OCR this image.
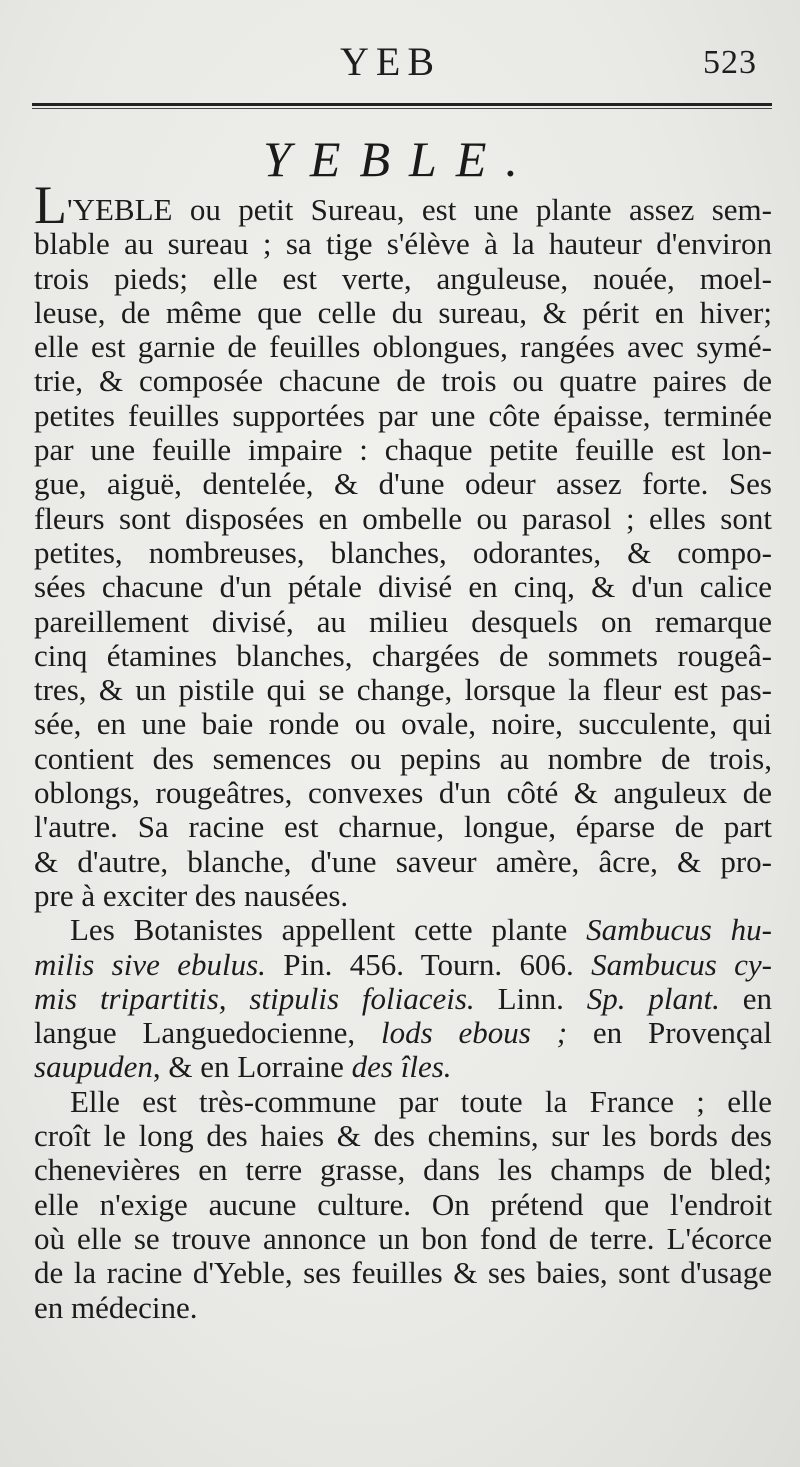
YEB	523
YEBLE.

L'YEBLE ou petit Sureau, est une plante assez sem-
blable au sureau ; sa tige s'élève à la hauteur d'environ
trois pieds; elle est verte, anguleuse, nouée, moel-
leuse, de même que celle du sureau, & périt en hiver;
elle est garnie de feuilles oblongues, rangées avec symé-
trie, & composée chacune de trois ou quatre paires de
petites feuilles supportées par une côte épaisse, terminée
par une feuille impaire : chaque petite feuille est lon-
gue, aiguë, dentelée, & d'une odeur assez forte. Ses
fleurs sont disposées en ombelle ou parasol ; elles sont
petites, nombreuses, blanches, odorantes, & compo-
sées chacune d'un pétale divisé en cinq, & d'un calice
pareillement divisé, au milieu desquels on remarque
cinq étamines blanches, chargées de sommets rougeâ-
tres, & un pistile qui se change, lorsque la fleur est pas-
sée, en une baie ronde ou ovale, noire, succulente, qui
contient des semences ou pepins au nombre de trois,
oblongs, rougeâtres, convexes d'un côté & anguleux de
l'autre. Sa racine est charnue, longue, éparse de part
& d'autre, blanche, d'une saveur amère, âcre, & pro-
pre à exciter des nausées.

Les Botanistes appellent cette plante Sambucus hu-
milis sive ebulus. Pin. 456. Tourn. 606. Sambucus cy-
mis tripartitis, stipulis foliaceis. Linn. Sp. plant. en
langue Languedocienne, lods ebous ; en Provençal
saupuden, & en Lorraine des îles.

Elle est très-commune par toute la France ; elle
croît le long des haies & des chemins, sur les bords des
chenevières en terre grasse, dans les champs de bled;
elle n'exige aucune culture. On prétend que l'endroit
où elle se trouve annonce un bon fond de terre. L'écorce
de la racine d'Yeble, ses feuilles & ses baies, sont d'usage
en médecine.
